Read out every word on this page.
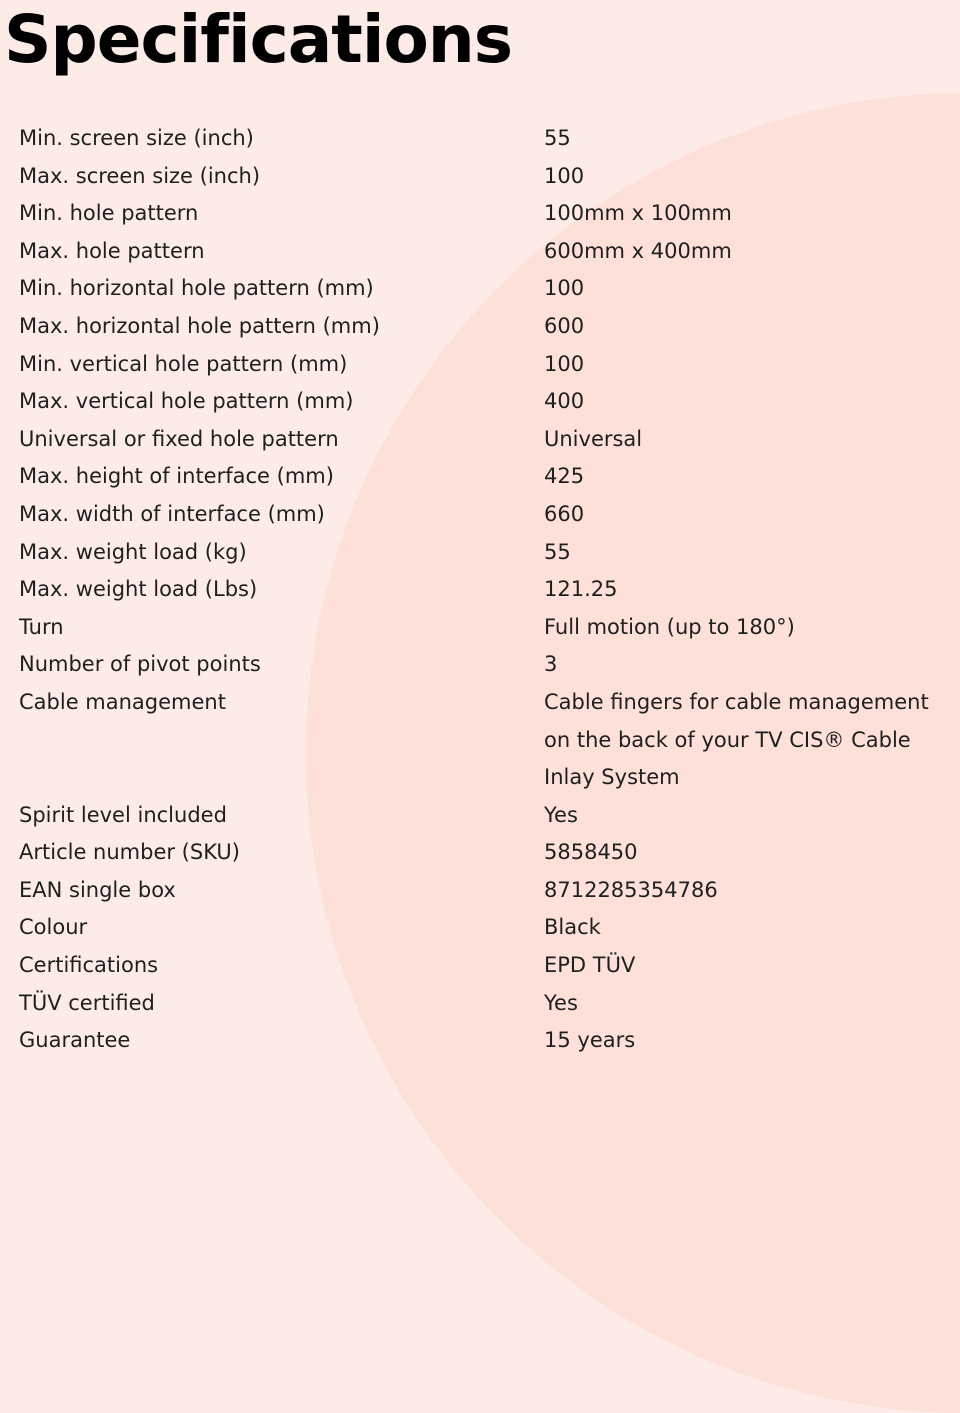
Specifications
Min. screen size (inch)	55
Max. screen size (inch)	100
Min. hole pattern	100mm x 100mm
Max. hole pattern	600mm x 400mm
Min. horizontal hole pattern (mm)	100
Max. horizontal hole pattern (mm)	600
Min. vertical hole pattern (mm)	100
Max. vertical hole pattern (mm)	400
Universal or fixed hole pattern	Universal
Max. height of interface (mm)	425
Max. width of interface (mm)	660
Max. weight load (kg)	55
Max. weight load (Lbs)	121.25
Turn	Full motion (up to 180°)
Number of pivot points	3
Cable management	Cable fingers for cable management on the back of your TV CIS® Cable Inlay System
Spirit level included	Yes
Article number (SKU)	5858450
EAN single box	8712285354786
Colour	Black
Certifications	EPD TÜV
TÜV certified	Yes
Guarantee	15 years
